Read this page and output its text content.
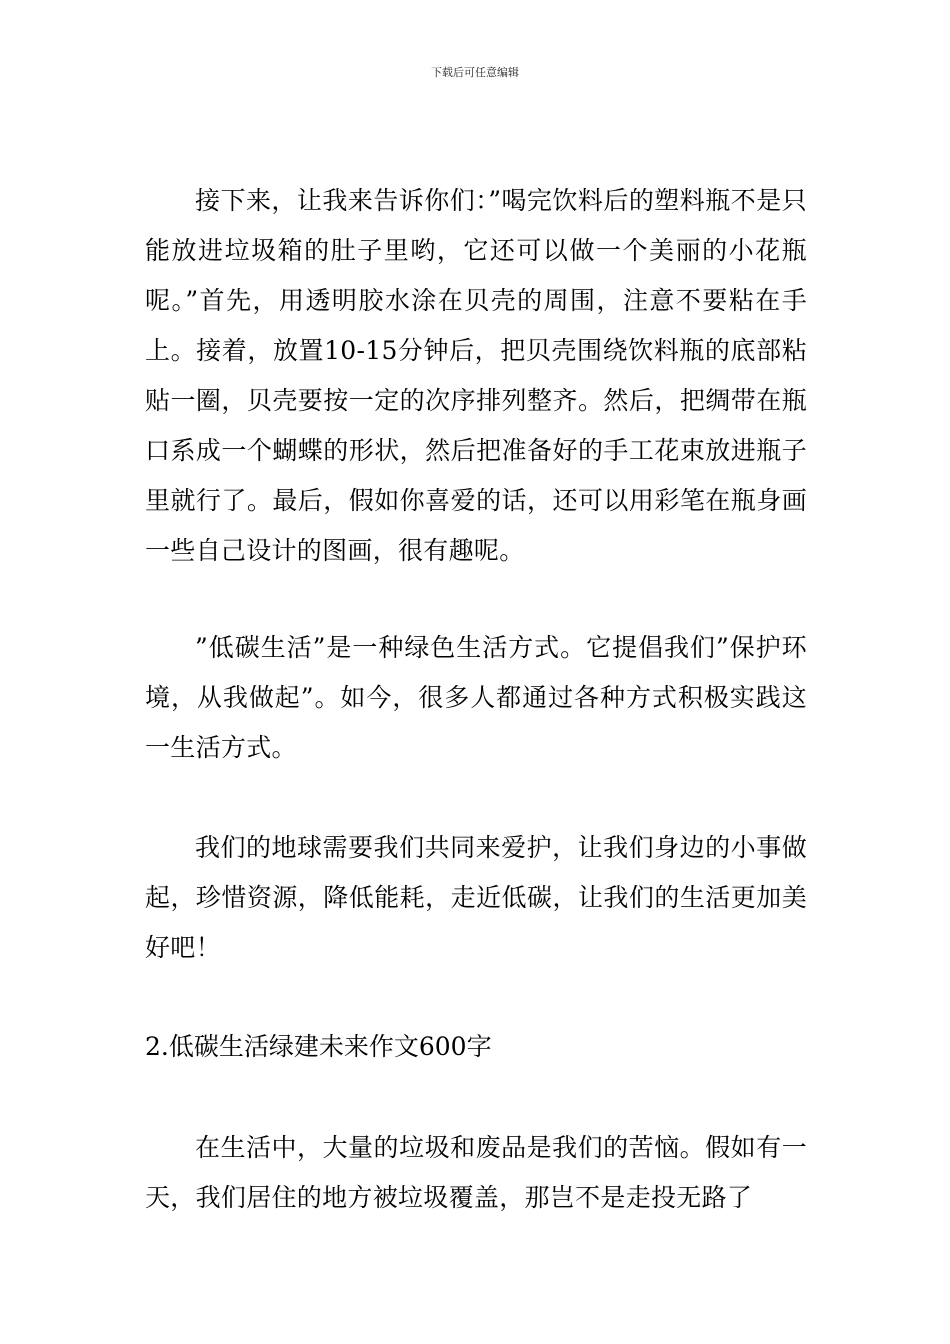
下载后可任意编辑

接下来，让我来告诉你们：”喝完饮料后的塑料瓶不是只能放进垃圾箱的肚子里哟，它还可以做一个美丽的小花瓶呢。”首先，用透明胶水涂在贝壳的周围，注意不要粘在手上。接着，放置10-15分钟后，把贝壳围绕饮料瓶的底部粘贴一圈，贝壳要按一定的次序排列整齐。然后，把绸带在瓶口系成一个蝴蝶的形状，然后把准备好的手工花束放进瓶子里就行了。最后，假如你喜爱的话，还可以用彩笔在瓶身画一些自己设计的图画，很有趣呢。

”低碳生活”是一种绿色生活方式。它提倡我们”保护环境，从我做起”。如今，很多人都通过各种方式积极实践这一生活方式。

我们的地球需要我们共同来爱护，让我们身边的小事做起，珍惜资源，降低能耗，走近低碳，让我们的生活更加美好吧！

2.低碳生活绿建未来作文600字

在生活中，大量的垃圾和废品是我们的苦恼。假如有一天，我们居住的地方被垃圾覆盖，那岂不是走投无路了
